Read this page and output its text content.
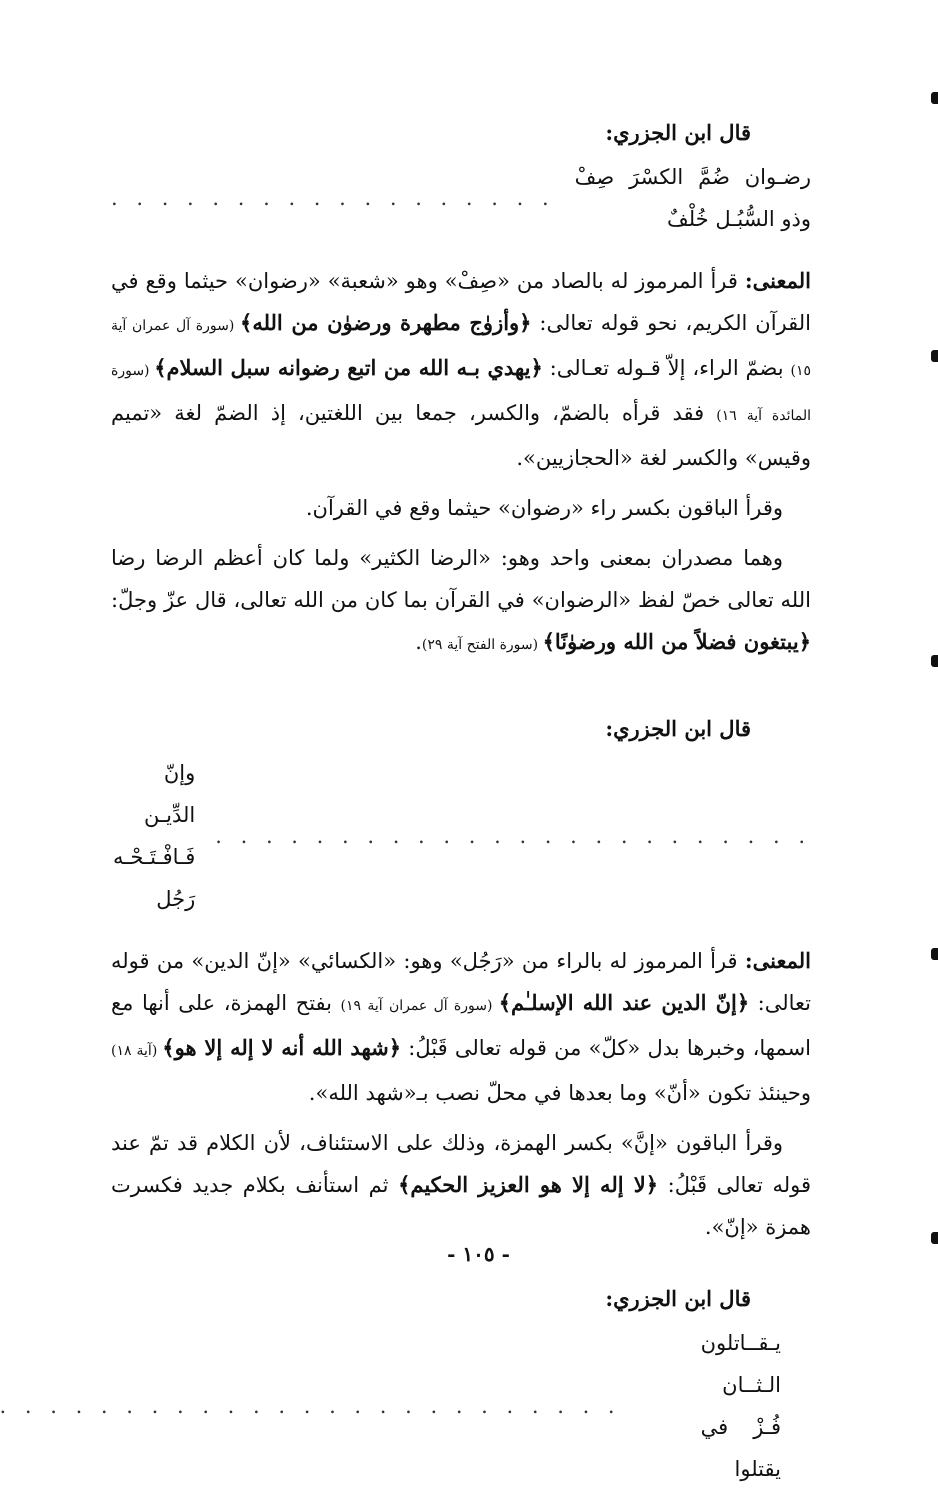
قال ابن الجزري:
رضـوان ضُمَّ الكسْرَ صِفْ وذو السُّبُـل خُلْفٌ
. . . . . . . . . . . . . . . . . .

المعنى: قرأ المرموز له بالصاد من «صِفْ» وهو «شعبة» «رضوان» حيثما وقع في القرآن الكريم، نحو قوله تعالى: ﴿وأزوٰج مطهرة ورضوٰن من الله﴾ (سورة آل عمران آية ١٥) بضمّ الراء، إلاّ قـوله تعـالى: ﴿يهدي بـه الله من اتبع رضوانه سبل السلام﴾ (سورة المائدة آية ١٦) فقد قرأه بالضمّ، والكسر، جمعا بين اللغتين، إذ الضمّ لغة «تميم وقيس» والكسر لغة «الحجازيين».

وقرأ الباقون بكسر راء «رضوان» حيثما وقع في القرآن.

وهما مصدران بمعنى واحد وهو: «الرضا الكثير» ولما كان أعظم الرضا رضا الله تعالى خصّ لفظ «الرضوان» في القرآن بما كان من الله تعالى، قال عزّ وجلّ: ﴿يبتغون فضلاً من الله ورضوٰنًا﴾ (سورة الفتح آية ٢٩).

قال ابن الجزري:
. . . . . . . . . . . . . . . . . . . . . . . .
وإنّ الدِّيـن فَـافْـتَـحْـه رَجُل

المعنى: قرأ المرموز له بالراء من «رَجُل» وهو: «الكسائي» «إنّ الدين» من قوله تعالى: ﴿إنّ الدين عند الله الإسلـٰم﴾ (سورة آل عمران آية ١٩) بفتح الهمزة، على أنها مع اسمها، وخبرها بدل «كلّ» من قوله تعالى قَبْلُ: ﴿شهد الله أنه لا إله إلا هو﴾ (آية ١٨) وحينئذ تكون «أنّ» وما بعدها في محلّ نصب بـ«شهد الله».

وقرأ الباقون «إنَّ» بكسر الهمزة، وذلك على الاستئناف، لأن الكلام قد تمّ عند قوله تعالى قَبْلُ: ﴿لا إله إلا هو العزيز الحكيم﴾ ثم استأنف بكلام جديد فكسرت همزة «إنّ».

قال ابن الجزري:
يـقــاتلون الـثــان فُـزْ في يقتلوا
. . . . . . . . . . . . . . . . . . . . . . . . .
- ١٠٥ -
